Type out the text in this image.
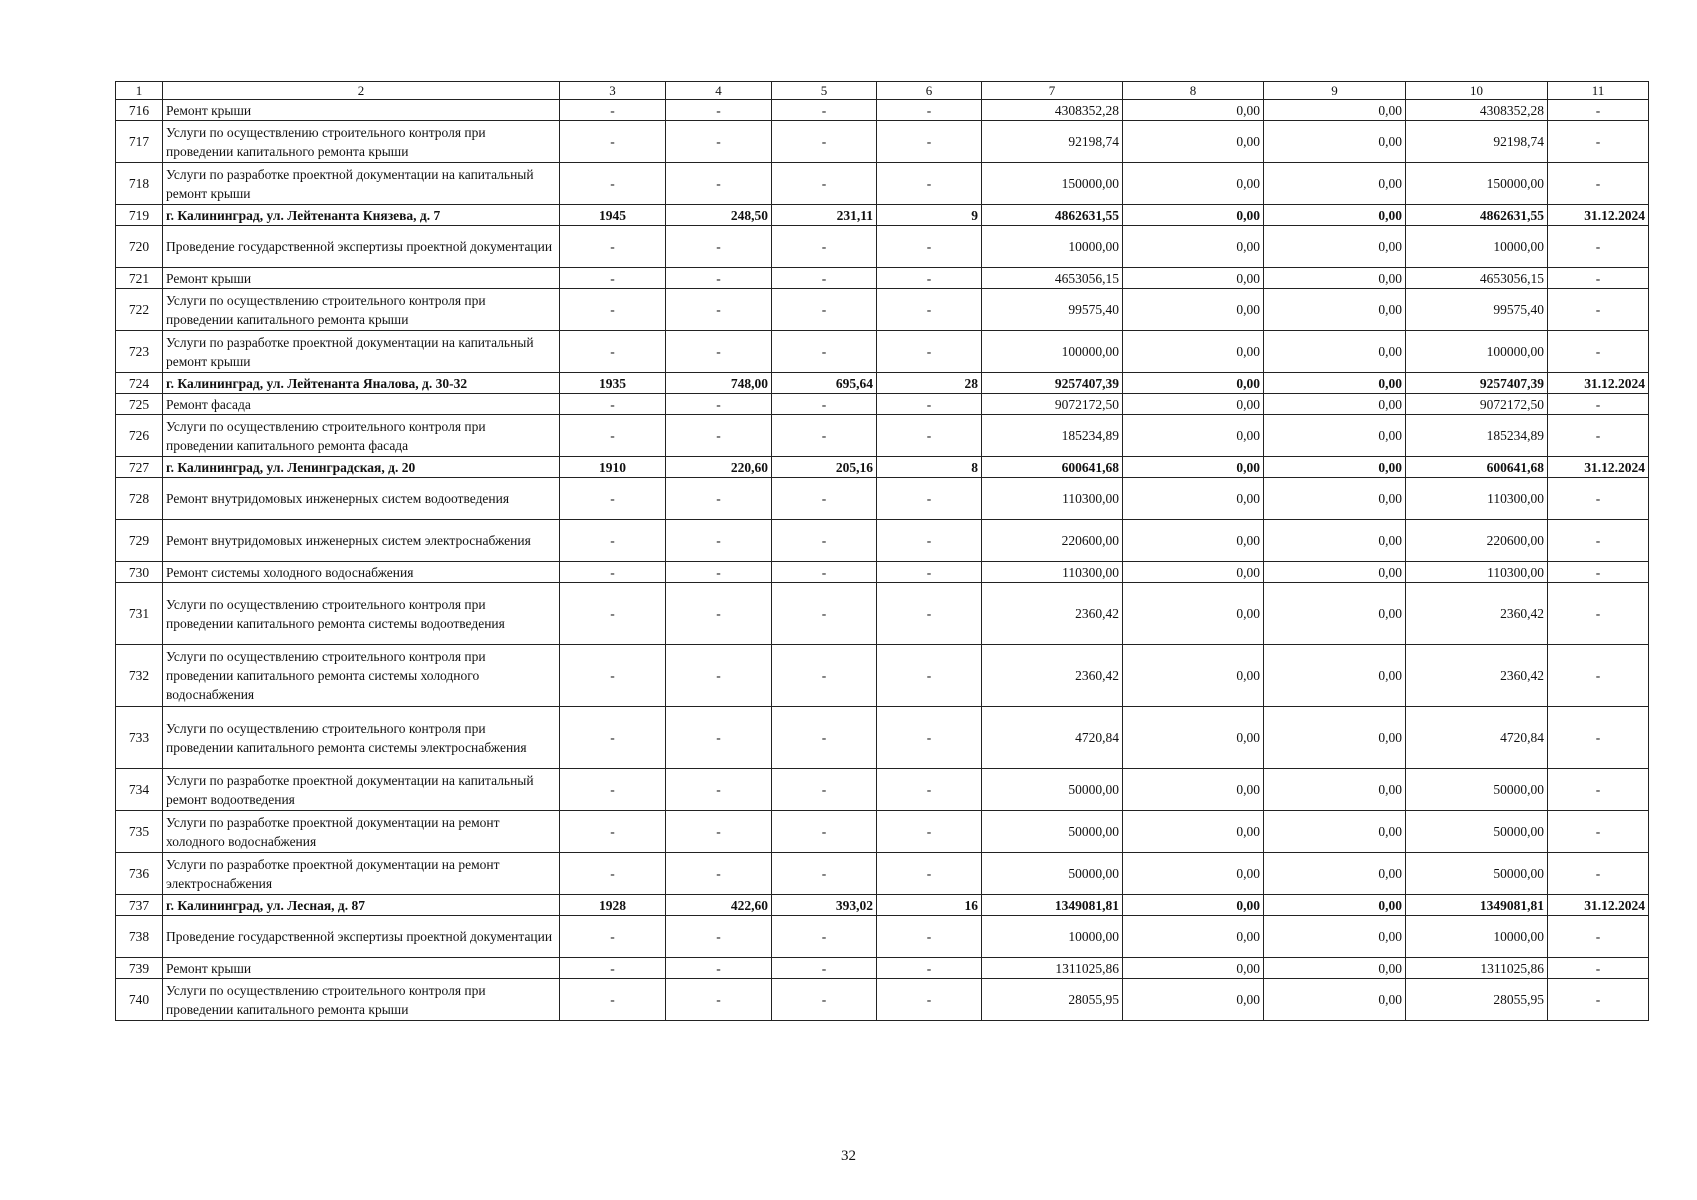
1	2	3	4	5	6	7	8	9	10	11
716	Ремонт крыши	-	-	-	-	4308352,28	0,00	0,00	4308352,28	-
717	Услуги по осуществлению строительного контроля при проведении капитального ремонта крыши	-	-	-	-	92198,74	0,00	0,00	92198,74	-
718	Услуги по разработке проектной документации на капитальный ремонт крыши	-	-	-	-	150000,00	0,00	0,00	150000,00	-
719	г. Калининград, ул. Лейтенанта Князева, д. 7	1945	248,50	231,11	9	4862631,55	0,00	0,00	4862631,55	31.12.2024
720	Проведение государственной экспертизы проектной документации	-	-	-	-	10000,00	0,00	0,00	10000,00	-
721	Ремонт крыши	-	-	-	-	4653056,15	0,00	0,00	4653056,15	-
722	Услуги по осуществлению строительного контроля при проведении капитального ремонта крыши	-	-	-	-	99575,40	0,00	0,00	99575,40	-
723	Услуги по разработке проектной документации на капитальный ремонт крыши	-	-	-	-	100000,00	0,00	0,00	100000,00	-
724	г. Калининград, ул. Лейтенанта Яналова, д. 30-32	1935	748,00	695,64	28	9257407,39	0,00	0,00	9257407,39	31.12.2024
725	Ремонт фасада	-	-	-	-	9072172,50	0,00	0,00	9072172,50	-
726	Услуги по осуществлению строительного контроля при проведении капитального ремонта фасада	-	-	-	-	185234,89	0,00	0,00	185234,89	-
727	г. Калининград, ул. Ленинградская, д. 20	1910	220,60	205,16	8	600641,68	0,00	0,00	600641,68	31.12.2024
728	Ремонт внутридомовых инженерных систем водоотведения	-	-	-	-	110300,00	0,00	0,00	110300,00	-
729	Ремонт внутридомовых инженерных систем электроснабжения	-	-	-	-	220600,00	0,00	0,00	220600,00	-
730	Ремонт системы холодного водоснабжения	-	-	-	-	110300,00	0,00	0,00	110300,00	-
731	Услуги по осуществлению строительного контроля при проведении капитального ремонта системы водоотведения	-	-	-	-	2360,42	0,00	0,00	2360,42	-
732	Услуги по осуществлению строительного контроля при проведении капитального ремонта системы холодного водоснабжения	-	-	-	-	2360,42	0,00	0,00	2360,42	-
733	Услуги по осуществлению строительного контроля при проведении капитального ремонта системы электроснабжения	-	-	-	-	4720,84	0,00	0,00	4720,84	-
734	Услуги по разработке проектной документации на капитальный ремонт водоотведения	-	-	-	-	50000,00	0,00	0,00	50000,00	-
735	Услуги по разработке проектной документации на ремонт холодного водоснабжения	-	-	-	-	50000,00	0,00	0,00	50000,00	-
736	Услуги по разработке проектной документации на ремонт электроснабжения	-	-	-	-	50000,00	0,00	0,00	50000,00	-
737	г. Калининград, ул. Лесная, д. 87	1928	422,60	393,02	16	1349081,81	0,00	0,00	1349081,81	31.12.2024
738	Проведение государственной экспертизы проектной документации	-	-	-	-	10000,00	0,00	0,00	10000,00	-
739	Ремонт крыши	-	-	-	-	1311025,86	0,00	0,00	1311025,86	-
740	Услуги по осуществлению строительного контроля при проведении капитального ремонта крыши	-	-	-	-	28055,95	0,00	0,00	28055,95	-
32
